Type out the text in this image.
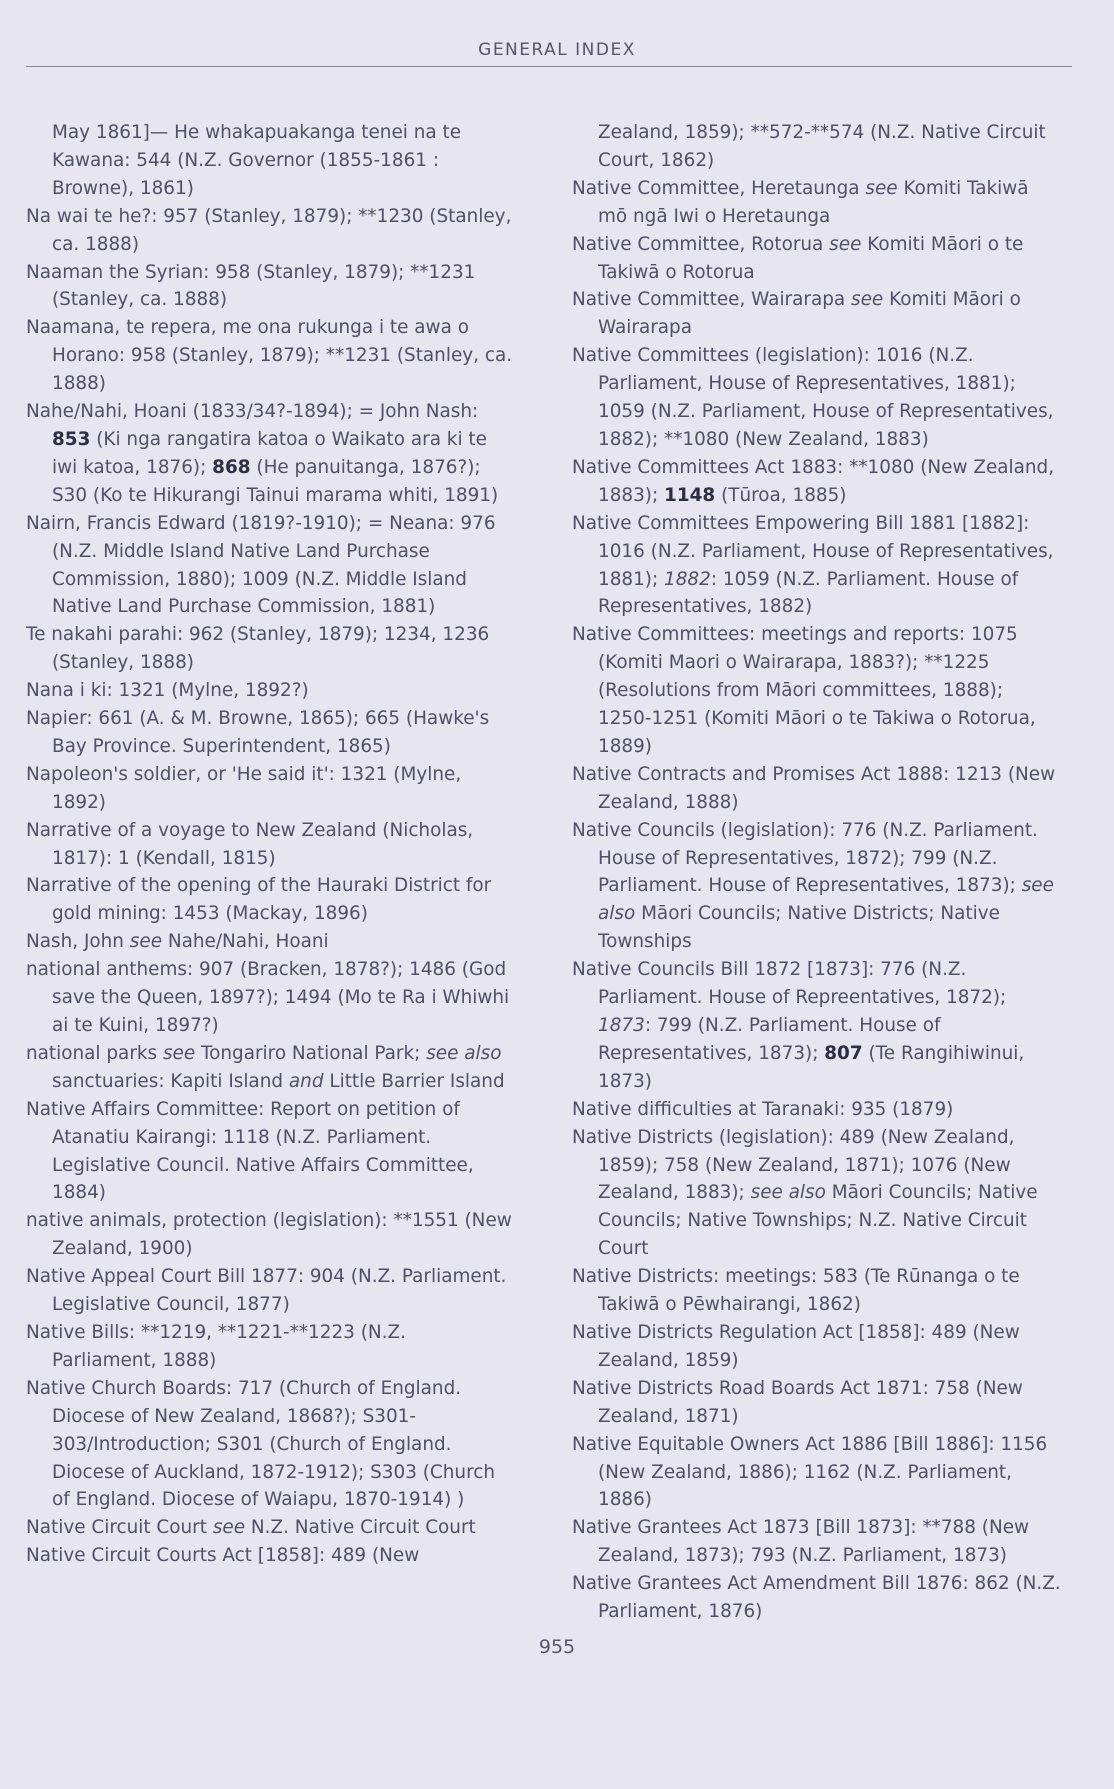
GENERAL INDEX
May 1861]— He whakapuakanga tenei na te Kawana: 544 (N.Z. Governor (1855-1861 : Browne), 1861)
Na wai te he?: 957 (Stanley, 1879); **1230 (Stanley, ca. 1888)
Naaman the Syrian: 958 (Stanley, 1879); **1231 (Stanley, ca. 1888)
Naamana, te repera, me ona rukunga i te awa o Horano: 958 (Stanley, 1879); **1231 (Stanley, ca. 1888)
Nahe/Nahi, Hoani (1833/34?-1894); = John Nash: 853 (Ki nga rangatira katoa o Waikato ara ki te iwi katoa, 1876); 868 (He panuitanga, 1876?); S30 (Ko te Hikurangi Tainui marama whiti, 1891)
Nairn, Francis Edward (1819?-1910); = Neana: 976 (N.Z. Middle Island Native Land Purchase Commission, 1880); 1009 (N.Z. Middle Island Native Land Purchase Commission, 1881)
Te nakahi parahi: 962 (Stanley, 1879); 1234, 1236 (Stanley, 1888)
Nana i ki: 1321 (Mylne, 1892?)
Napier: 661 (A. & M. Browne, 1865); 665 (Hawke's Bay Province. Superintendent, 1865)
Napoleon's soldier, or 'He said it': 1321 (Mylne, 1892)
Narrative of a voyage to New Zealand (Nicholas, 1817): 1 (Kendall, 1815)
Narrative of the opening of the Hauraki District for gold mining: 1453 (Mackay, 1896)
Nash, John see Nahe/Nahi, Hoani
national anthems: 907 (Bracken, 1878?); 1486 (God save the Queen, 1897?); 1494 (Mo te Ra i Whiwhi ai te Kuini, 1897?)
national parks see Tongariro National Park; see also sanctuaries: Kapiti Island and Little Barrier Island
Native Affairs Committee: Report on petition of Atanatiu Kairangi: 1118 (N.Z. Parliament. Legislative Council. Native Affairs Committee, 1884)
native animals, protection (legislation): **1551 (New Zealand, 1900)
Native Appeal Court Bill 1877: 904 (N.Z. Parliament. Legislative Council, 1877)
Native Bills: **1219, **1221-**1223 (N.Z. Parliament, 1888)
Native Church Boards: 717 (Church of England. Diocese of New Zealand, 1868?); S301-303/Introduction; S301 (Church of England. Diocese of Auckland, 1872-1912); S303 (Church of England. Diocese of Waiapu, 1870-1914) )
Native Circuit Court see N.Z. Native Circuit Court
Native Circuit Courts Act [1858]: 489 (New
Zealand, 1859); **572-**574 (N.Z. Native Circuit Court, 1862)
Native Committee, Heretaunga see Komiti Takiwā mō ngā Iwi o Heretaunga
Native Committee, Rotorua see Komiti Māori o te Takiwā o Rotorua
Native Committee, Wairarapa see Komiti Māori o Wairarapa
Native Committees (legislation): 1016 (N.Z. Parliament, House of Representatives, 1881); 1059 (N.Z. Parliament, House of Representatives, 1882); **1080 (New Zealand, 1883)
Native Committees Act 1883: **1080 (New Zealand, 1883); 1148 (Tūroa, 1885)
Native Committees Empowering Bill 1881 [1882]: 1016 (N.Z. Parliament, House of Representatives, 1881); 1882: 1059 (N.Z. Parliament. House of Representatives, 1882)
Native Committees: meetings and reports: 1075 (Komiti Maori o Wairarapa, 1883?); **1225 (Resolutions from Māori committees, 1888); 1250-1251 (Komiti Māori o te Takiwa o Rotorua, 1889)
Native Contracts and Promises Act 1888: 1213 (New Zealand, 1888)
Native Councils (legislation): 776 (N.Z. Parliament. House of Representatives, 1872); 799 (N.Z. Parliament. House of Representatives, 1873); see also Māori Councils; Native Districts; Native Townships
Native Councils Bill 1872 [1873]: 776 (N.Z. Parliament. House of Repreentatives, 1872); 1873: 799 (N.Z. Parliament. House of Representatives, 1873); 807 (Te Rangihiwinui, 1873)
Native difficulties at Taranaki: 935 (1879)
Native Districts (legislation): 489 (New Zealand, 1859); 758 (New Zealand, 1871); 1076 (New Zealand, 1883); see also Māori Councils; Native Councils; Native Townships; N.Z. Native Circuit Court
Native Districts: meetings: 583 (Te Rūnanga o te Takiwā o Pēwhairangi, 1862)
Native Districts Regulation Act [1858]: 489 (New Zealand, 1859)
Native Districts Road Boards Act 1871: 758 (New Zealand, 1871)
Native Equitable Owners Act 1886 [Bill 1886]: 1156 (New Zealand, 1886); 1162 (N.Z. Parliament, 1886)
Native Grantees Act 1873 [Bill 1873]: **788 (New Zealand, 1873); 793 (N.Z. Parliament, 1873)
Native Grantees Act Amendment Bill 1876: 862 (N.Z. Parliament, 1876)
955
